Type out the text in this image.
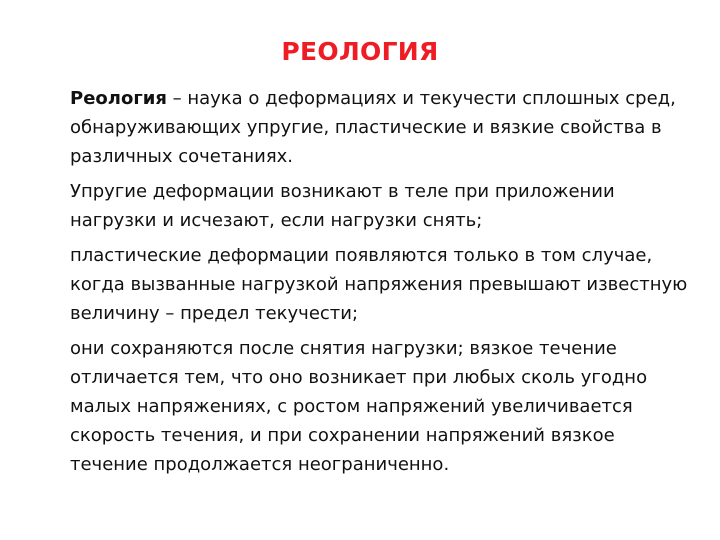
РЕОЛОГИЯ

Реология – наука о деформациях и текучести сплошных сред, обнаруживающих упругие, пластические и вязкие свойства в различных сочетаниях.

Упругие деформации возникают в теле при приложении нагрузки и исчезают, если нагрузки снять;

пластические деформации появляются только в том случае, когда вызванные нагрузкой напряжения превышают известную величину – предел текучести;

они сохраняются после снятия нагрузки; вязкое течение отличается тем, что оно возникает при любых сколь угодно малых напряжениях, с ростом напряжений увеличивается скорость течения, и при сохранении напряжений вязкое течение продолжается неограниченно.
